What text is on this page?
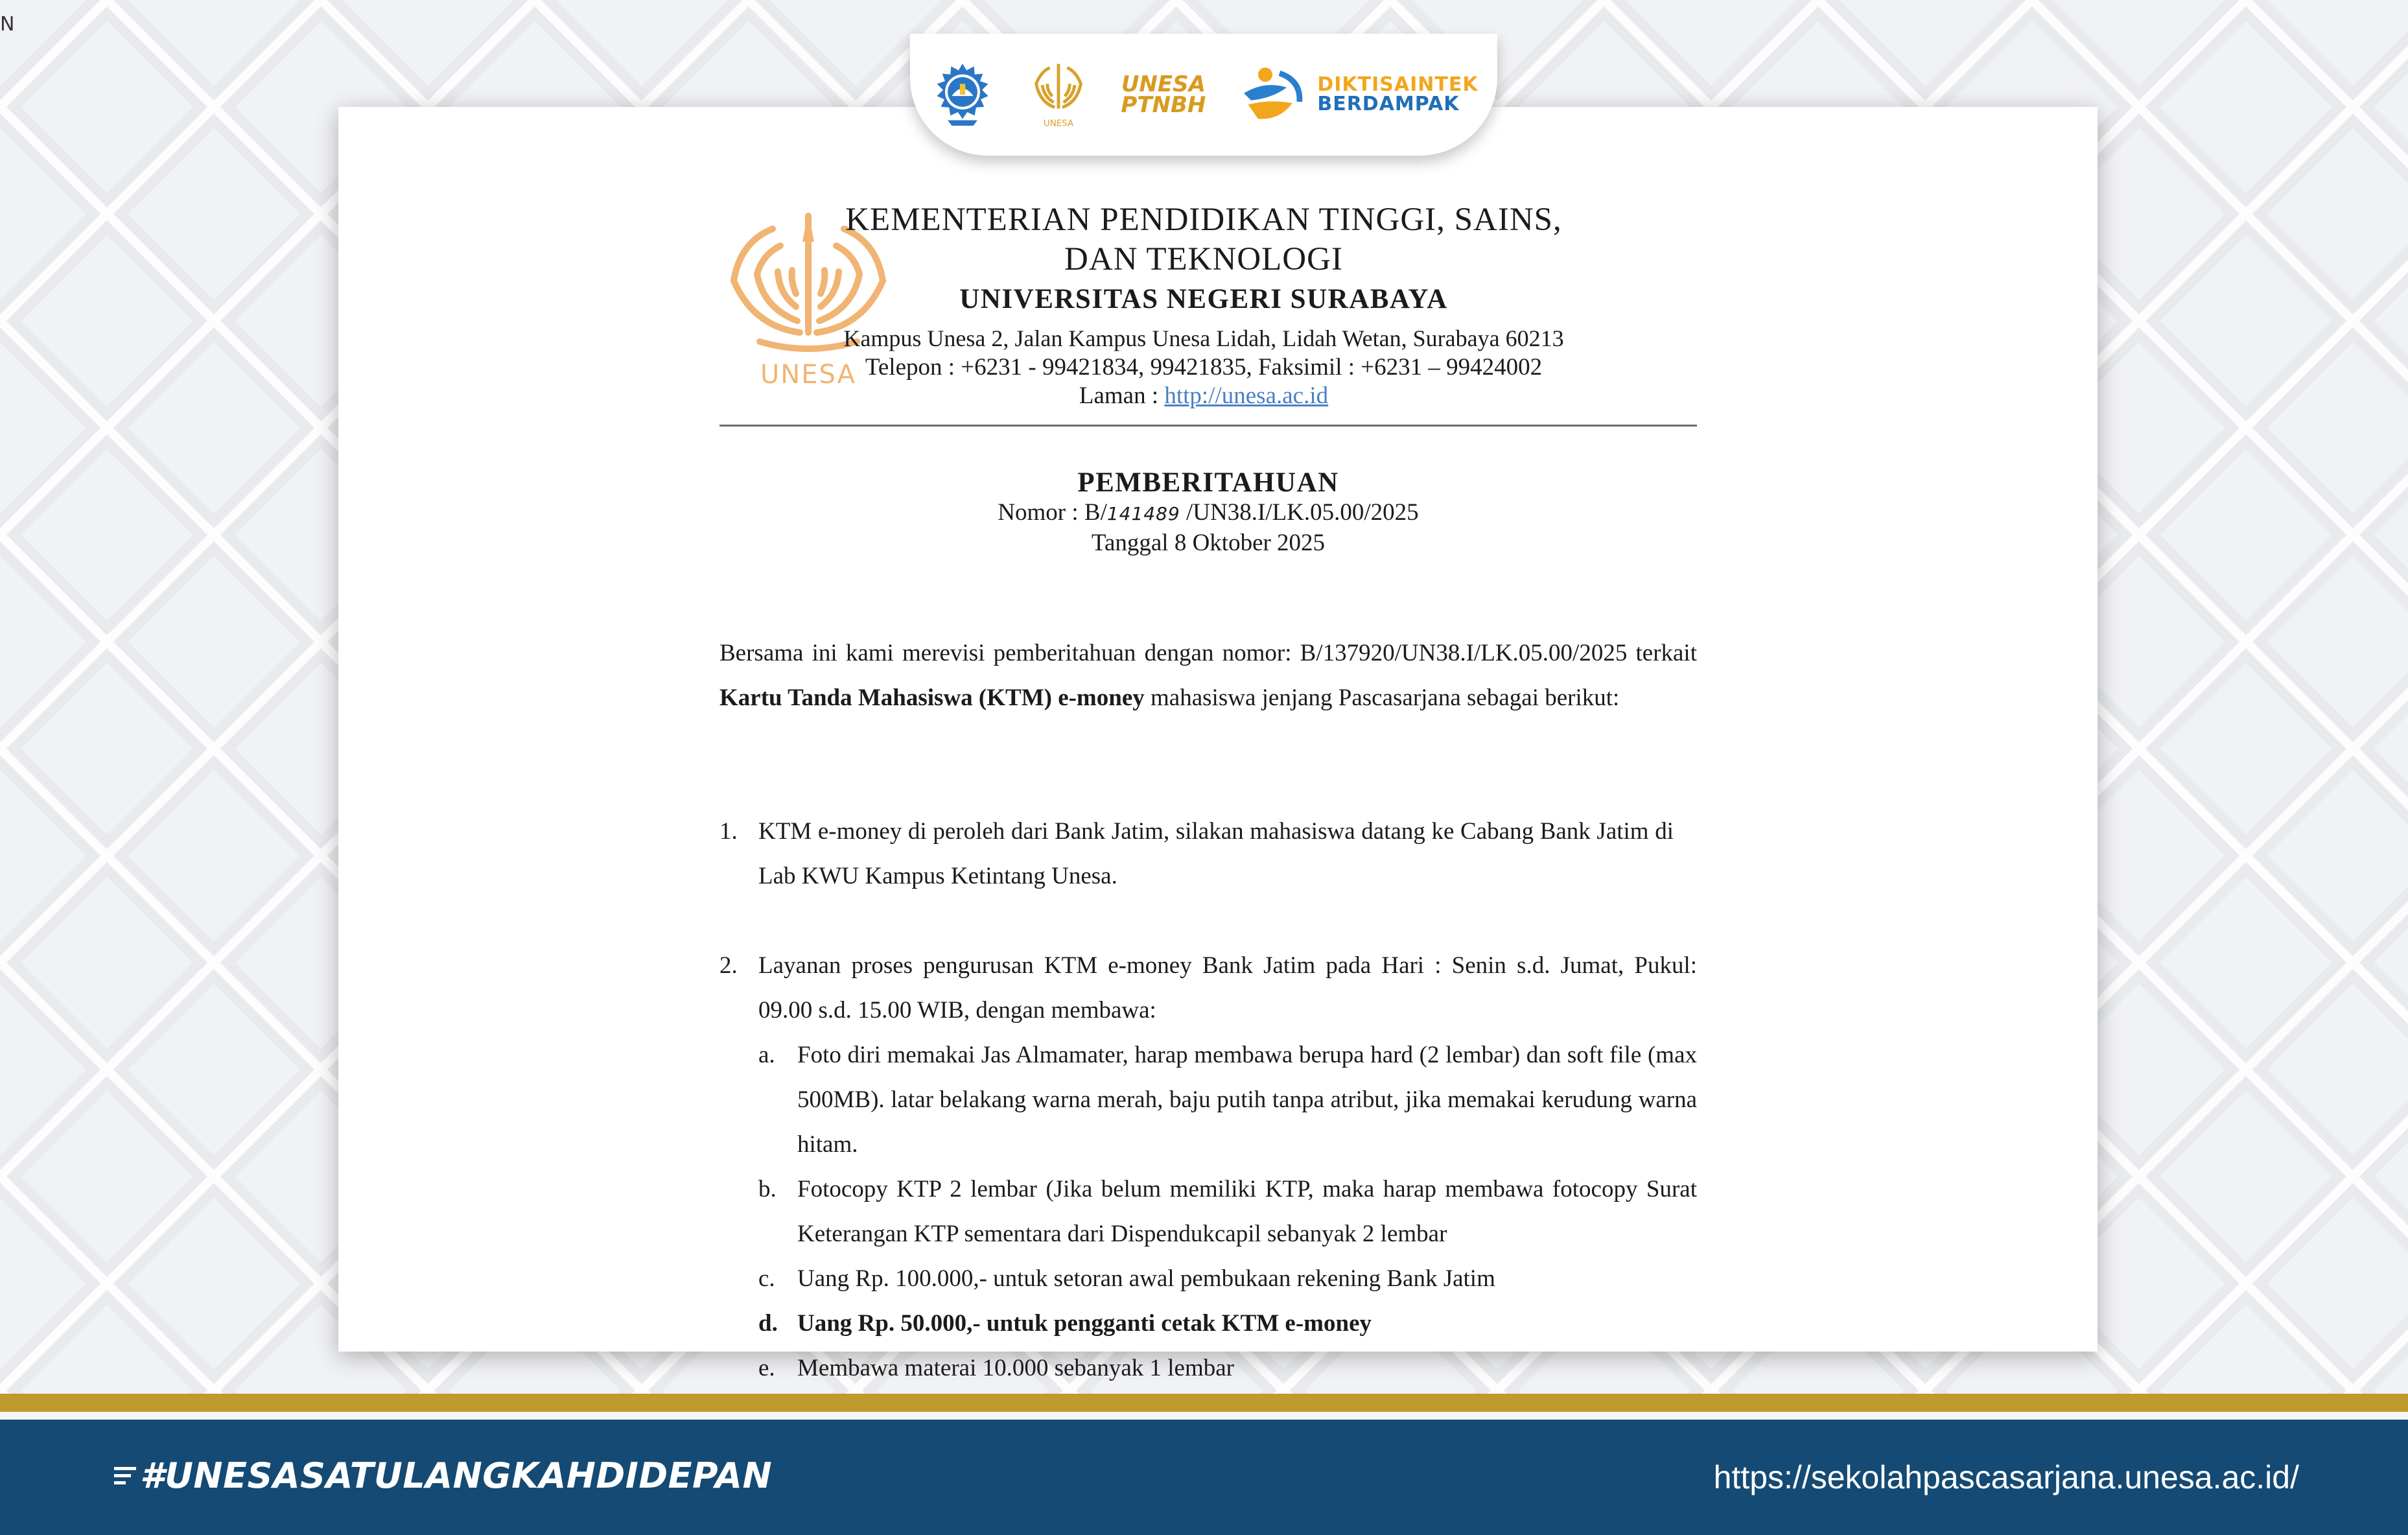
N
UNESA
UNESA
PTNBH
DIKTISAINTEK
BERDAMPAK
UNESA
KEMENTERIAN PENDIDIKAN TINGGI, SAINS,
DAN TEKNOLOGI
UNIVERSITAS NEGERI SURABAYA
Kampus Unesa 2, Jalan Kampus Unesa Lidah, Lidah Wetan, Surabaya 60213
Telepon : +6231 - 99421834, 99421835, Faksimil : +6231 – 99424002
Laman : http://unesa.ac.id
PEMBERITAHUAN
Nomor : B/141489 /UN38.I/LK.05.00/2025
Tanggal 8 Oktober 2025
Bersama ini kami merevisi pemberitahuan dengan nomor: B/137920/UN38.I/LK.05.00/2025 terkait Kartu Tanda Mahasiswa (KTM) e-money mahasiswa jenjang Pascasarjana sebagai berikut:
1. KTM e-money di peroleh dari Bank Jatim, silakan mahasiswa datang ke Cabang Bank Jatim di Lab KWU Kampus Ketintang Unesa.
2. Layanan proses pengurusan KTM e-money Bank Jatim pada Hari : Senin s.d. Jumat, Pukul: 09.00 s.d. 15.00 WIB, dengan membawa:
a. Foto diri memakai Jas Almamater, harap membawa berupa hard (2 lembar) dan soft file (max 500MB). latar belakang warna merah, baju putih tanpa atribut, jika memakai kerudung warna hitam.
b. Fotocopy KTP 2 lembar (Jika belum memiliki KTP, maka harap membawa fotocopy Surat Keterangan KTP sementara dari Dispendukcapil sebanyak 2 lembar
c. Uang Rp. 100.000,- untuk setoran awal pembukaan rekening Bank Jatim
d. Uang Rp. 50.000,- untuk pengganti cetak KTM e-money
e. Membawa materai 10.000 sebanyak 1 lembar
#UNESASATULANGKAHDIDEPAN	https://sekolahpascasarjana.unesa.ac.id/
